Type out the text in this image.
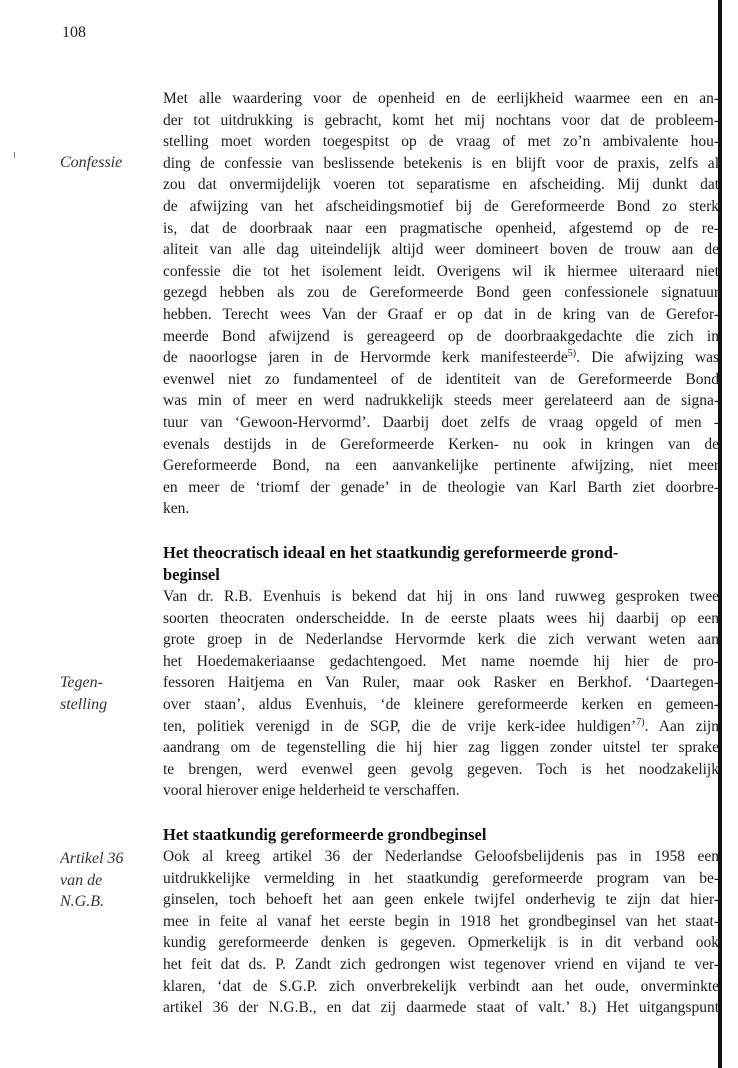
108
Confessie
Tegen-
stelling
Artikel 36
van de
N.G.B.
Met alle waardering voor de openheid en de eerlijkheid waarmee een en an-
der tot uitdrukking is gebracht, komt het mij nochtans voor dat de probleem-
stelling moet worden toegespitst op de vraag of met zo’n ambivalente hou-
ding de confessie van beslissende betekenis is en blijft voor de praxis, zelfs al
zou dat onvermijdelijk voeren tot separatisme en afscheiding. Mij dunkt dat
de afwijzing van het afscheidingsmotief bij de Gereformeerde Bond zo sterk
is, dat de doorbraak naar een pragmatische openheid, afgestemd op de re-
aliteit van alle dag uiteindelijk altijd weer domineert boven de trouw aan de
confessie die tot het isolement leidt. Overigens wil ik hiermee uiteraard niet
gezegd hebben als zou de Gereformeerde Bond geen confessionele signatuur
hebben. Terecht wees Van der Graaf er op dat in de kring van de Gerefor-
meerde Bond afwijzend is gereageerd op de doorbraakgedachte die zich in
de naoorlogse jaren in de Hervormde kerk manifesteerde$^{5)}$. Die afwijzing was
evenwel niet zo fundamenteel of de identiteit van de Gereformeerde Bond
was min of meer en werd nadrukkelijk steeds meer gerelateerd aan de signa-
tuur van ‘Gewoon-Hervormd’. Daarbij doet zelfs de vraag opgeld of men -
evenals destijds in de Gereformeerde Kerken- nu ook in kringen van de
Gereformeerde Bond, na een aanvankelijke pertinente afwijzing, niet meer
en meer de ‘triomf der genade’ in de theologie van Karl Barth ziet doorbre-
ken.
Het theocratisch ideaal en het staatkundig gereformeerde grond-
beginsel
Van dr. R.B. Evenhuis is bekend dat hij in ons land ruwweg gesproken twee
soorten theocraten onderscheidde. In de eerste plaats wees hij daarbij op een
grote groep in de Nederlandse Hervormde kerk die zich verwant weten aan
het Hoedemakeriaanse gedachtengoed. Met name noemde hij hier de pro-
fessoren Haitjema en Van Ruler, maar ook Rasker en Berkhof. ‘Daartegen-
over staan’, aldus Evenhuis, ‘de kleinere gereformeerde kerken en gemeen-
ten, politiek verenigd in de SGP, die de vrije kerk-idee huldigen’$^{7)}$. Aan zijn
aandrang om de tegenstelling die hij hier zag liggen zonder uitstel ter sprake
te brengen, werd evenwel geen gevolg gegeven. Toch is het noodzakelijk
vooral hierover enige helderheid te verschaffen.
Het staatkundig gereformeerde grondbeginsel
Ook al kreeg artikel 36 der Nederlandse Geloofsbelijdenis pas in 1958 een
uitdrukkelijke vermelding in het staatkundig gereformeerde program van be-
ginselen, toch behoeft het aan geen enkele twijfel onderhevig te zijn dat hier-
mee in feite al vanaf het eerste begin in 1918 het grondbeginsel van het staat-
kundig gereformeerde denken is gegeven. Opmerkelijk is in dit verband ook
het feit dat ds. P. Zandt zich gedrongen wist tegenover vriend en vijand te ver-
klaren, ‘dat de S.G.P. zich onverbrekelijk verbindt aan het oude, onverminkte
artikel 36 der N.G.B., en dat zij daarmede staat of valt.’ 8.) Het uitgangspunt
